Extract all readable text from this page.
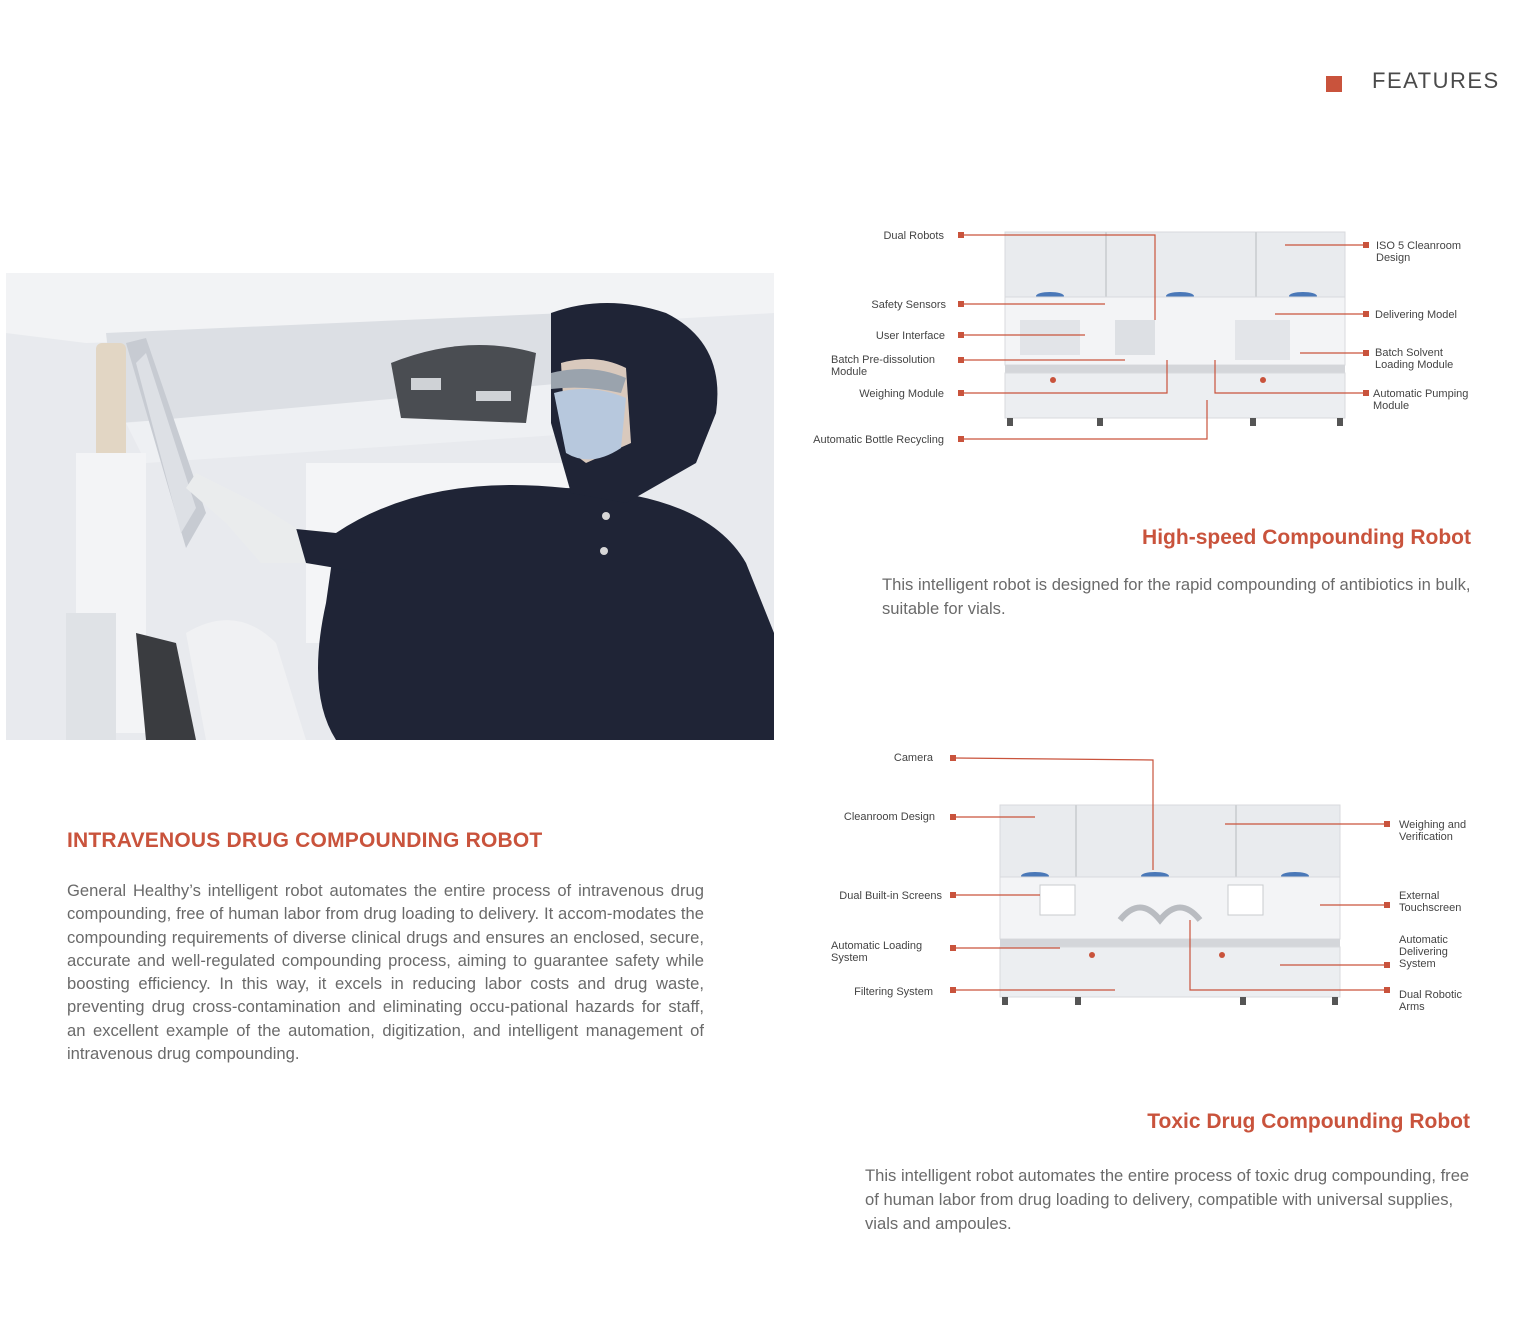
FEATURES
INTRAVENOUS DRUG COMPOUNDING ROBOT
General Healthy’s intelligent robot automates the entire process of intravenous drug compounding, free of human labor from drug loading to delivery. It accom-modates the compounding requirements of diverse clinical drugs and ensures an enclosed, secure, accurate and well-regulated compounding process, aiming to guarantee safety while boosting efficiency. In this way, it excels in reducing labor costs and drug waste, preventing drug cross-contamination and eliminating occu-pational hazards for staff, an excellent example of the automation, digitization, and intelligent management of intravenous drug compounding.
Dual Robots
Safety Sensors
User Interface
Batch Pre-dissolution Module
Weighing Module
Automatic Bottle Recycling
ISO 5 Cleanroom Design
Delivering Model
Batch Solvent Loading Module
Automatic Pumping Module
High-speed Compounding Robot
This intelligent robot is designed for the rapid compounding of antibiotics in bulk, suitable for vials.
Camera
Cleanroom Design
Dual Built-in Screens
Automatic Loading System
Filtering System
Weighing and Verification
External Touchscreen
Automatic Delivering System
Dual Robotic Arms
Toxic Drug Compounding Robot
This intelligent robot automates the entire process of toxic drug compounding, free of human labor from drug loading to delivery, compatible with universal supplies, vials and ampoules.
